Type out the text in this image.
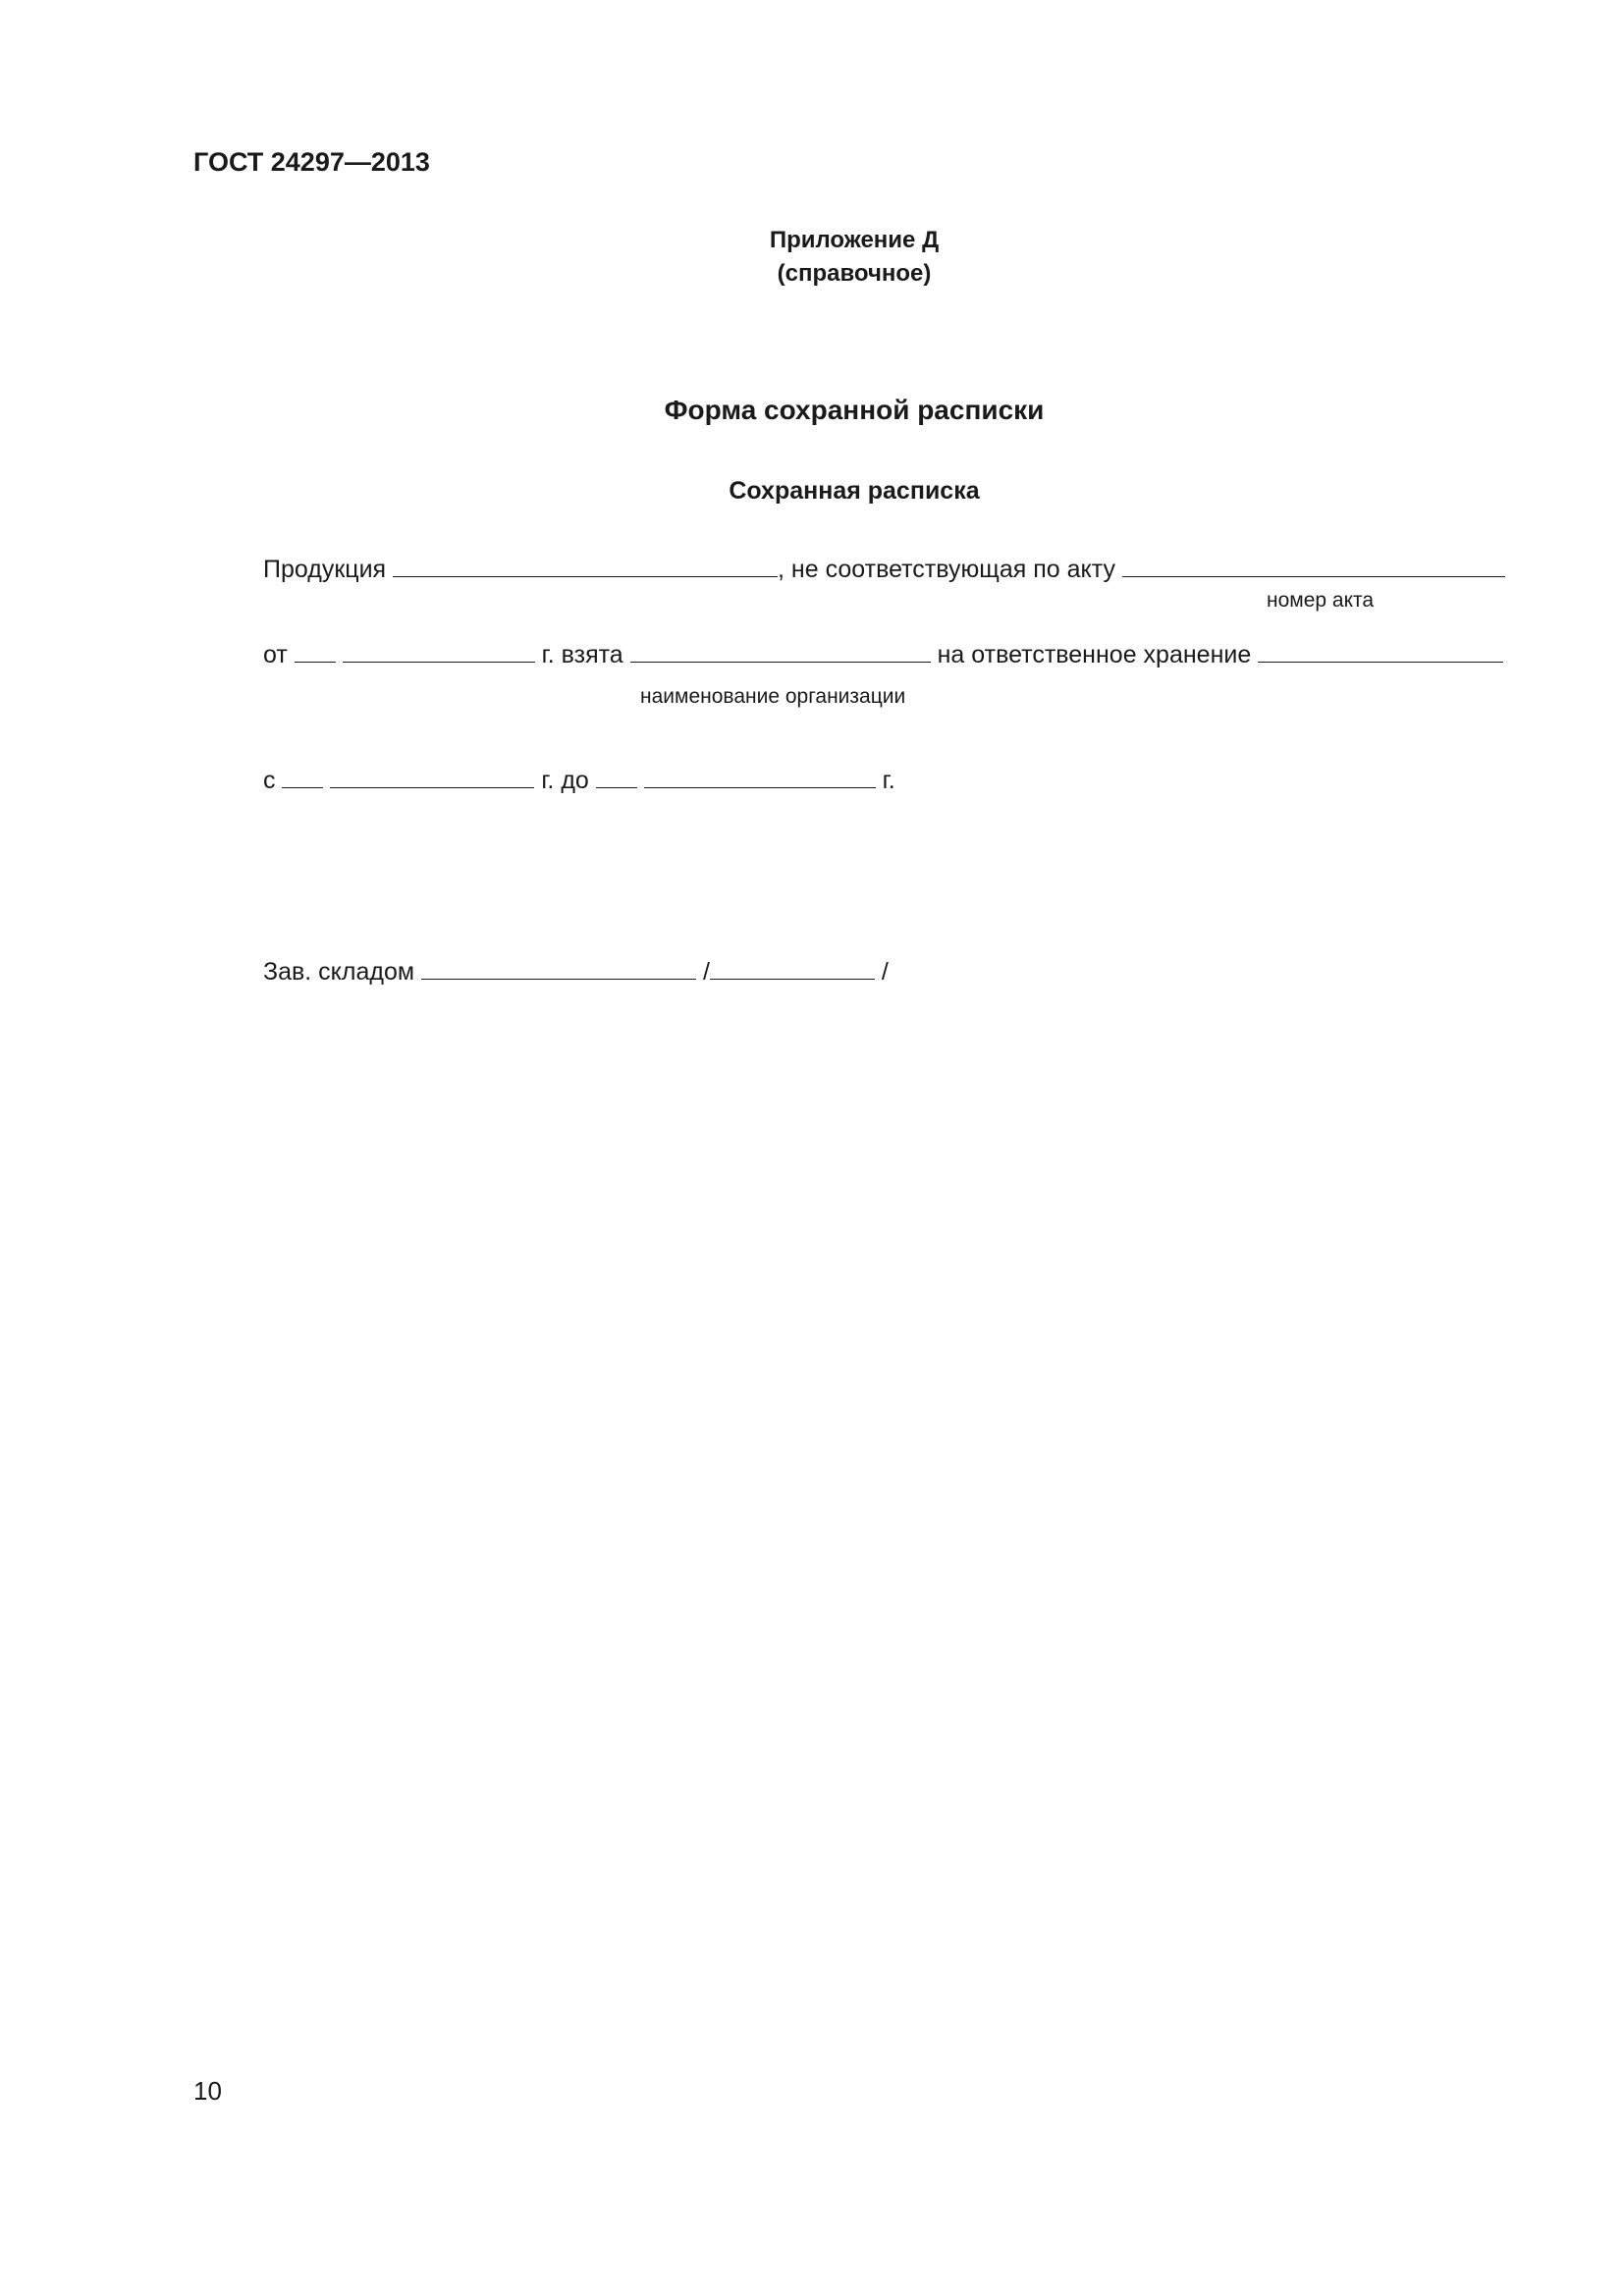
ГОСТ 24297—2013
Приложение Д
(справочное)
Форма сохранной расписки
Сохранная расписка
Продукция	, не соответствующая по акту
номер акта
от	г. взята	на ответственное хранение
наименование организации
с	г. до	г.
Зав. складом	/	/
10
